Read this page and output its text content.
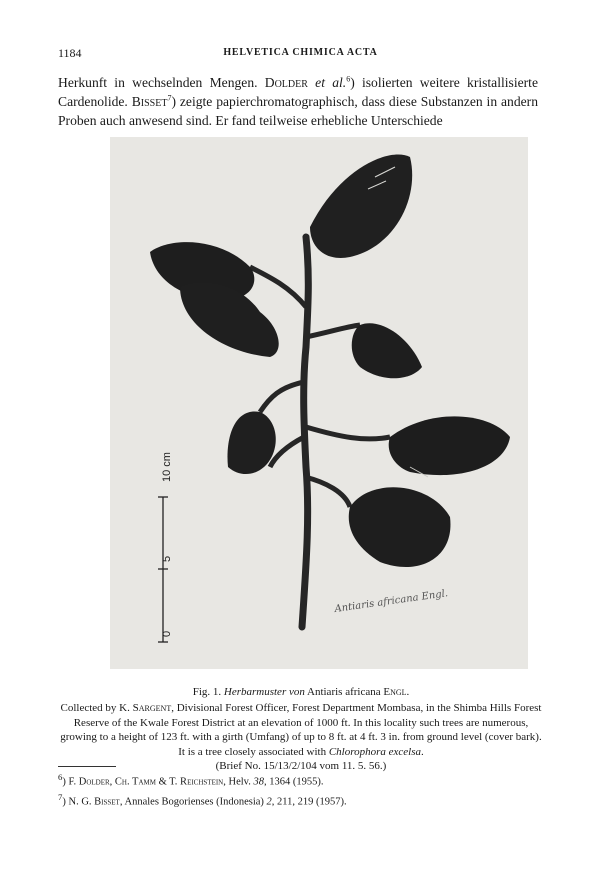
1184	HELVETICA CHIMICA ACTA
Herkunft in wechselnden Mengen. Dolder et al.$^6$) isolierten weitere kristallisierte Cardenolide. Bisset$^7$) zeigte papierchromatographisch, dass diese Substanzen in andern Proben auch anwesend sind. Er fand teilweise erhebliche Unterschiede
10 cm
5
0
Antiaris africana Engl.
Fig. 1. Herbarmuster von Antiaris africana Engl.
Collected by K. Sargent, Divisional Forest Officer, Forest Department Mombasa, in the Shimba Hills Forest Reserve of the Kwale Forest District at an elevation of 1000 ft. In this locality such trees are numerous, growing to a height of 123 ft. with a girth (Umfang) of up to 8 ft. at 4 ft. 3 in. from ground level (cover bark). It is a tree closely associated with Chlorophora excelsa.
(Brief No. 15/13/2/104 vom 11. 5. 56.)
$^6$) F. Dolder, Ch. Tamm & T. Reichstein, Helv. 38, 1364 (1955).
$^7$) N. G. Bisset, Annales Bogorienses (Indonesia) 2, 211, 219 (1957).
